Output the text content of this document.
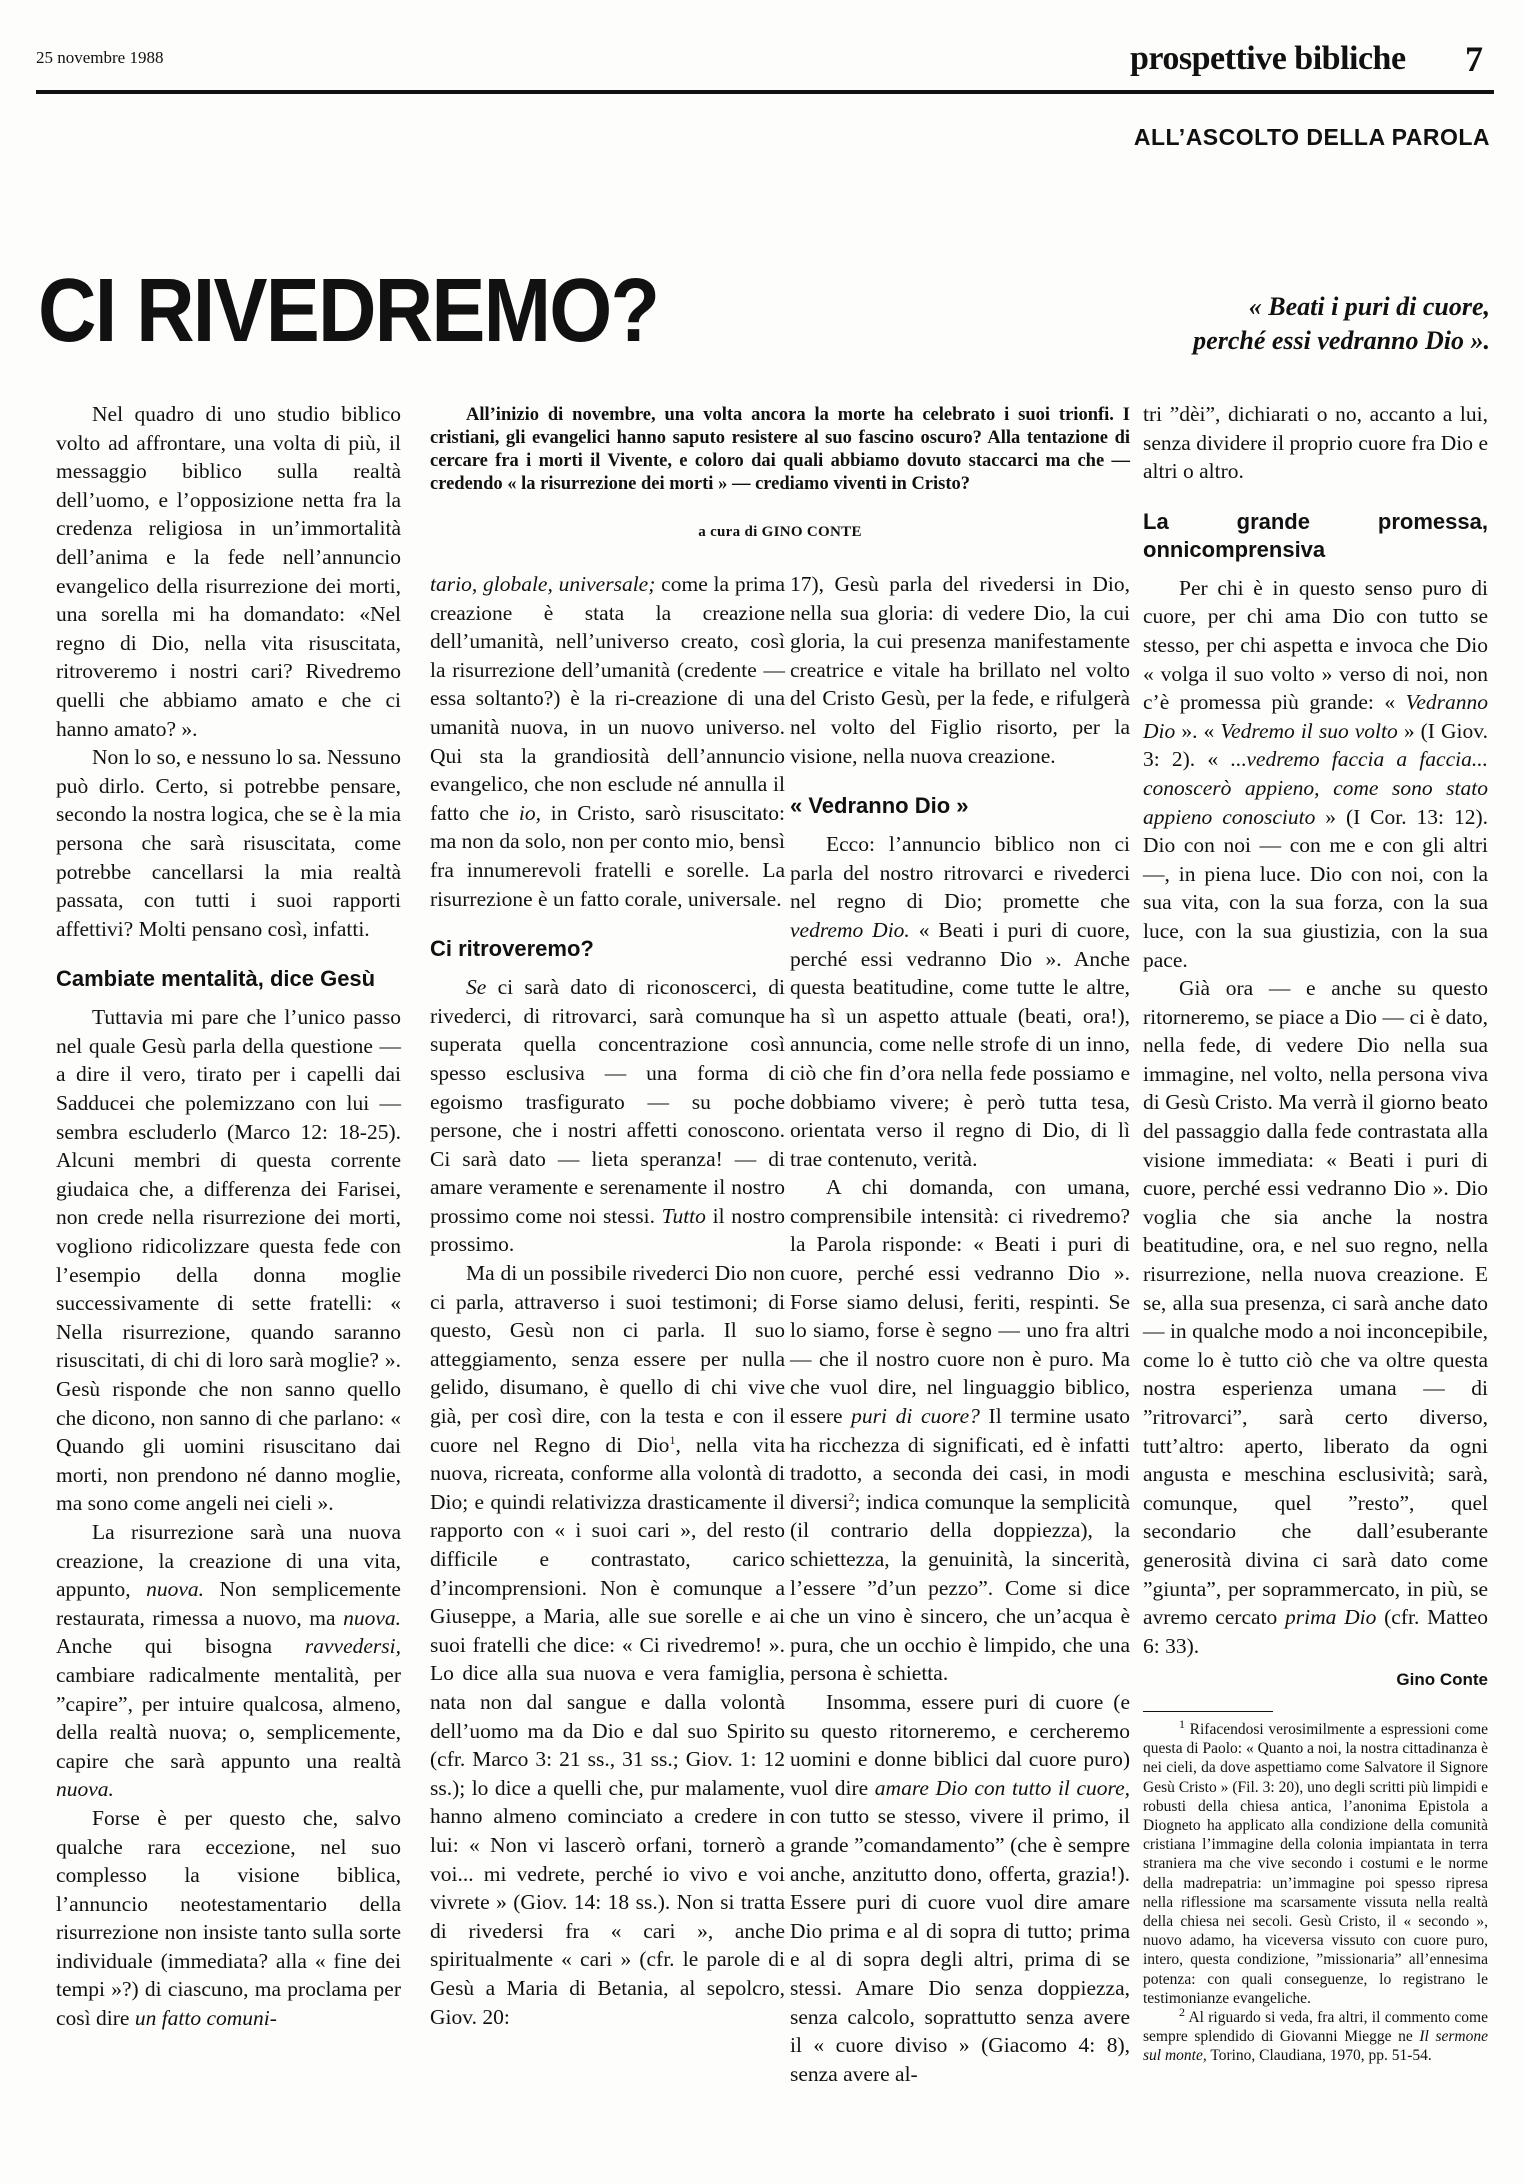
25 novembre 1988	prospettive bibliche 7
ALL’ASCOLTO DELLA PAROLA
CI RIVEDREMO?	« Beati i puri di cuore,
perché essi vedranno Dio ».

All’inizio di novembre, una volta ancora la morte ha celebrato i suoi trionfi. I cristiani, gli evangelici hanno saputo resistere al suo fascino oscuro? Alla tentazione di cercare fra i morti il Vivente, e coloro dai quali abbiamo dovuto staccarci ma che — credendo « la risurrezione dei morti » — crediamo viventi in Cristo?

a cura di GINO CONTE

Nel quadro di uno studio biblico volto ad affrontare, una volta di più, il messaggio biblico sulla realtà dell’uomo, e l’opposizione netta fra la credenza religiosa in un’immortalità dell’anima e la fede nell’annuncio evangelico della risurrezione dei morti, una sorella mi ha domandato: «Nel regno di Dio, nella vita risuscitata, ritroveremo i nostri cari? Rivedremo quelli che abbiamo amato e che ci hanno amato? ».

Non lo so, e nessuno lo sa. Nessuno può dirlo. Certo, si potrebbe pensare, secondo la nostra logica, che se è la mia persona che sarà risuscitata, come potrebbe cancellarsi la mia realtà passata, con tutti i suoi rapporti affettivi? Molti pensano così, infatti.

Cambiate mentalità, dice Gesù

Tuttavia mi pare che l’unico passo nel quale Gesù parla della questione — a dire il vero, tirato per i capelli dai Sadducei che polemizzano con lui — sembra escluderlo (Marco 12: 18-25). Alcuni membri di questa corrente giudaica che, a differenza dei Farisei, non crede nella risurrezione dei morti, vogliono ridicolizzare questa fede con l’esempio della donna moglie successivamente di sette fratelli: « Nella risurrezione, quando saranno risuscitati, di chi di loro sarà moglie? ». Gesù risponde che non sanno quello che dicono, non sanno di che parlano: « Quando gli uomini risuscitano dai morti, non prendono né danno moglie, ma sono come angeli nei cieli ».

La risurrezione sarà una nuova creazione, la creazione di una vita, appunto, nuova. Non semplicemente restaurata, rimessa a nuovo, ma nuova. Anche qui bisogna ravvedersi, cambiare radicalmente mentalità, per ”capire”, per intuire qualcosa, almeno, della realtà nuova; o, semplicemente, capire che sarà appunto una realtà nuova.

Forse è per questo che, salvo qualche rara eccezione, nel suo complesso la visione biblica, l’annuncio neotestamentario della risurrezione non insiste tanto sulla sorte individuale (immediata? alla « fine dei tempi »?) di ciascuno, ma proclama per così dire un fatto comuni-

tario, globale, universale; come la prima creazione è stata la creazione dell’umanità, nell’universo creato, così la risurrezione dell’umanità (credente — essa soltanto?) è la ri-creazione di una umanità nuova, in un nuovo universo. Qui sta la grandiosità dell’annuncio evangelico, che non esclude né annulla il fatto che io, in Cristo, sarò risuscitato: ma non da solo, non per conto mio, bensì fra innumerevoli fratelli e sorelle. La risurrezione è un fatto corale, universale.

Ci ritroveremo?

Se ci sarà dato di riconoscerci, di rivederci, di ritrovarci, sarà comunque superata quella concentrazione così spesso esclusiva — una forma di egoismo trasfigurato — su poche persone, che i nostri affetti conoscono. Ci sarà dato — lieta speranza! — di amare veramente e serenamente il nostro prossimo come noi stessi. Tutto il nostro prossimo.

Ma di un possibile rivederci Dio non ci parla, attraverso i suoi testimoni; di questo, Gesù non ci parla. Il suo atteggiamento, senza essere per nulla gelido, disumano, è quello di chi vive già, per così dire, con la testa e con il cuore nel Regno di Dio$^1$, nella vita nuova, ricreata, conforme alla volontà di Dio; e quindi relativizza drasticamente il rapporto con « i suoi cari », del resto difficile e contrastato, carico d’incomprensioni. Non è comunque a Giuseppe, a Maria, alle sue sorelle e ai suoi fratelli che dice: « Ci rivedremo! ». Lo dice alla sua nuova e vera famiglia, nata non dal sangue e dalla volontà dell’uomo ma da Dio e dal suo Spirito (cfr. Marco 3: 21 ss., 31 ss.; Giov. 1: 12 ss.); lo dice a quelli che, pur malamente, hanno almeno cominciato a credere in lui: « Non vi lascerò orfani, tornerò a voi... mi vedrete, perché io vivo e voi vivrete » (Giov. 14: 18 ss.). Non si tratta di rivedersi fra « cari », anche spiritualmente « cari » (cfr. le parole di Gesù a Maria di Betania, al sepolcro, Giov. 20:

17), Gesù parla del rivedersi in Dio, nella sua gloria: di vedere Dio, la cui gloria, la cui presenza manifestamente creatrice e vitale ha brillato nel volto del Cristo Gesù, per la fede, e rifulgerà nel volto del Figlio risorto, per la visione, nella nuova creazione.

« Vedranno Dio »

Ecco: l’annuncio biblico non ci parla del nostro ritrovarci e rivederci nel regno di Dio; promette che vedremo Dio. « Beati i puri di cuore, perché essi vedranno Dio ». Anche questa beatitudine, come tutte le altre, ha sì un aspetto attuale (beati, ora!), annuncia, come nelle strofe di un inno, ciò che fin d’ora nella fede possiamo e dobbiamo vivere; è però tutta tesa, orientata verso il regno di Dio, di lì trae contenuto, verità.

A chi domanda, con umana, comprensibile intensità: ci rivedremo? la Parola risponde: « Beati i puri di cuore, perché essi vedranno Dio ». Forse siamo delusi, feriti, respinti. Se lo siamo, forse è segno — uno fra altri — che il nostro cuore non è puro. Ma che vuol dire, nel linguaggio biblico, essere puri di cuore? Il termine usato ha ricchezza di significati, ed è infatti tradotto, a seconda dei casi, in modi diversi$^2$; indica comunque la semplicità (il contrario della doppiezza), la schiettezza, la genuinità, la sincerità, l’essere ”d’un pezzo”. Come si dice che un vino è sincero, che un’acqua è pura, che un occhio è limpido, che una persona è schietta.

Insomma, essere puri di cuore (e su questo ritorneremo, e cercheremo uomini e donne biblici dal cuore puro) vuol dire amare Dio con tutto il cuore, con tutto se stesso, vivere il primo, il grande ”comandamento” (che è sempre anche, anzitutto dono, offerta, grazia!). Essere puri di cuore vuol dire amare Dio prima e al di sopra di tutto; prima e al di sopra degli altri, prima di se stessi. Amare Dio senza doppiezza, senza calcolo, soprattutto senza avere il « cuore diviso » (Giacomo 4: 8), senza avere al-

tri ”dèi”, dichiarati o no, accanto a lui, senza dividere il proprio cuore fra Dio e altri o altro.

La grande promessa, onnicomprensiva

Per chi è in questo senso puro di cuore, per chi ama Dio con tutto se stesso, per chi aspetta e invoca che Dio « volga il suo volto » verso di noi, non c’è promessa più grande: « Vedranno Dio ». « Vedremo il suo volto » (I Giov. 3: 2). « ...vedremo faccia a faccia... conoscerò appieno, come sono stato appieno conosciuto » (I Cor. 13: 12). Dio con noi — con me e con gli altri —, in piena luce. Dio con noi, con la sua vita, con la sua forza, con la sua luce, con la sua giustizia, con la sua pace.

Già ora — e anche su questo ritorneremo, se piace a Dio — ci è dato, nella fede, di vedere Dio nella sua immagine, nel volto, nella persona viva di Gesù Cristo. Ma verrà il giorno beato del passaggio dalla fede contrastata alla visione immediata: « Beati i puri di cuore, perché essi vedranno Dio ». Dio voglia che sia anche la nostra beatitudine, ora, e nel suo regno, nella risurrezione, nella nuova creazione. E se, alla sua presenza, ci sarà anche dato — in qualche modo a noi inconcepibile, come lo è tutto ciò che va oltre questa nostra esperienza umana — di ”ritrovarci”, sarà certo diverso, tutt’altro: aperto, liberato da ogni angusta e meschina esclusività; sarà, comunque, quel ”resto”, quel secondario che dall’esuberante generosità divina ci sarà dato come ”giunta”, per soprammercato, in più, se avremo cercato prima Dio (cfr. Matteo 6: 33).

Gino Conte

$^1$ Rifacendosi verosimilmente a espressioni come questa di Paolo: « Quanto a noi, la nostra cittadinanza è nei cieli, da dove aspettiamo come Salvatore il Signore Gesù Cristo » (Fil. 3: 20), uno degli scritti più limpidi e robusti della chiesa antica, l’anonima Epistola a Diogneto ha applicato alla condizione della comunità cristiana l’immagine della colonia impiantata in terra straniera ma che vive secondo i costumi e le norme della madrepatria: un’immagine poi spesso ripresa nella riflessione ma scarsamente vissuta nella realtà della chiesa nei secoli. Gesù Cristo, il « secondo », nuovo adamo, ha viceversa vissuto con cuore puro, intero, questa condizione, ”missionaria” all’ennesima potenza: con quali conseguenze, lo registrano le testimonianze evangeliche.

$^2$ Al riguardo si veda, fra altri, il commento come sempre splendido di Giovanni Miegge ne Il sermone sul monte, Torino, Claudiana, 1970, pp. 51-54.
